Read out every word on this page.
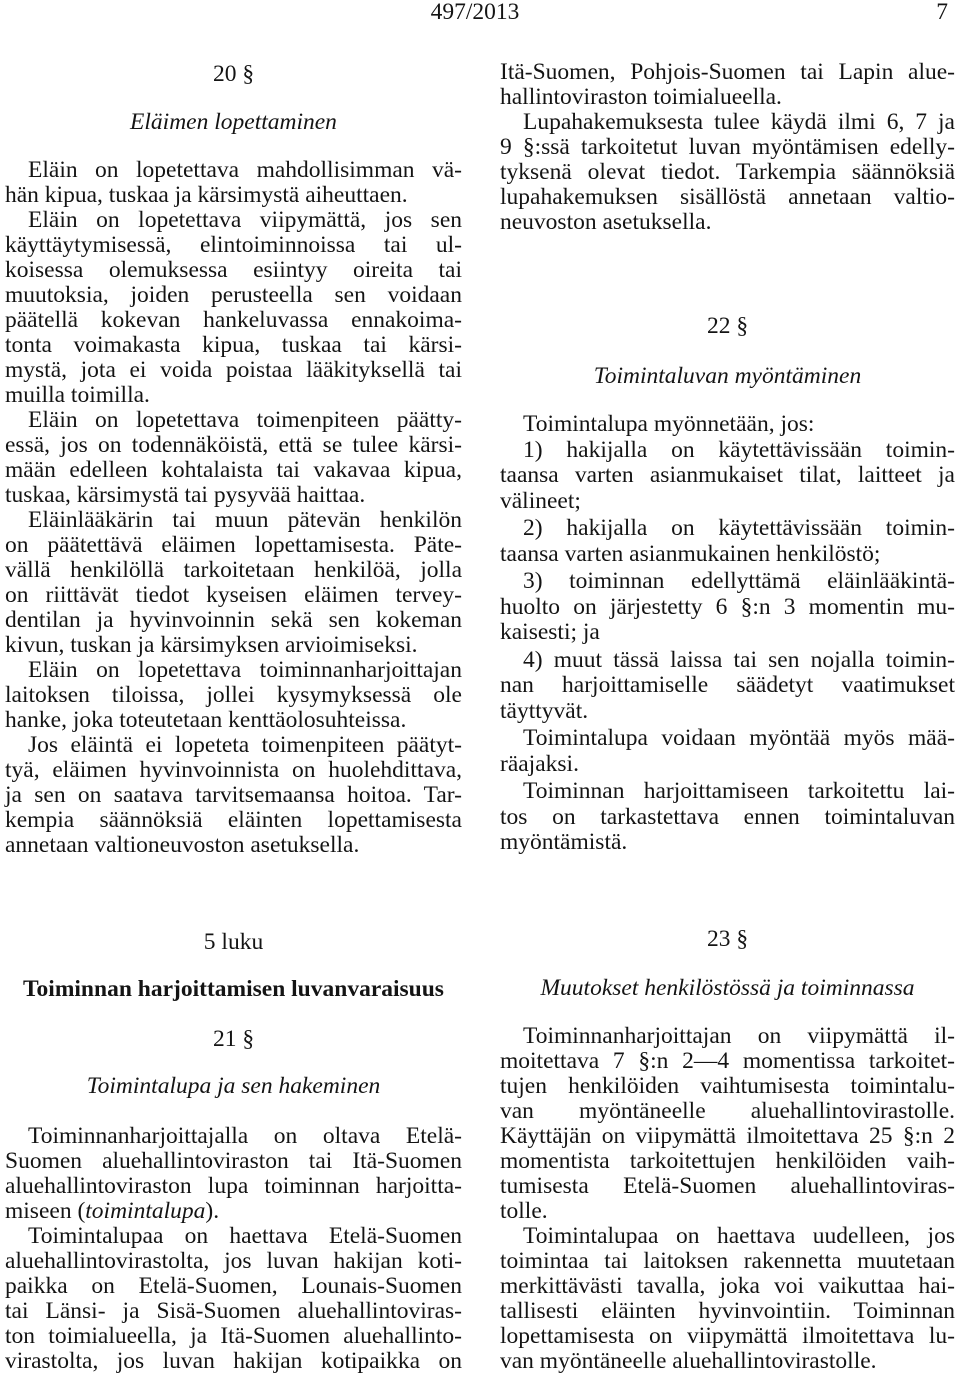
497/2013	7
20 §
Eläimen lopettaminen
Eläin on lopetettava mahdollisimman vä-
hän kipua, tuskaa ja kärsimystä aiheuttaen.
Eläin on lopetettava viipymättä, jos sen
käyttäytymisessä, elintoiminnoissa tai ul-
koisessa olemuksessa esiintyy oireita tai
muutoksia, joiden perusteella sen voidaan
päätellä kokevan hankeluvassa ennakoima-
tonta voimakasta kipua, tuskaa tai kärsi-
mystä, jota ei voida poistaa lääkityksellä tai
muilla toimilla.
Eläin on lopetettava toimenpiteen päätty-
essä, jos on todennäköistä, että se tulee kärsi-
mään edelleen kohtalaista tai vakavaa kipua,
tuskaa, kärsimystä tai pysyvää haittaa.
Eläinlääkärin tai muun pätevän henkilön
on päätettävä eläimen lopettamisesta. Päte-
vällä henkilöllä tarkoitetaan henkilöä, jolla
on riittävät tiedot kyseisen eläimen tervey-
dentilan ja hyvinvoinnin sekä sen kokeman
kivun, tuskan ja kärsimyksen arvioimiseksi.
Eläin on lopetettava toiminnanharjoittajan
laitoksen tiloissa, jollei kysymyksessä ole
hanke, joka toteutetaan kenttäolosuhteissa.
Jos eläintä ei lopeteta toimenpiteen päätyt-
tyä, eläimen hyvinvoinnista on huolehdittava,
ja sen on saatava tarvitsemaansa hoitoa. Tar-
kempia säännöksiä eläinten lopettamisesta
annetaan valtioneuvoston asetuksella.
5 luku
Toiminnan harjoittamisen luvanvaraisuus
21 §
Toimintalupa ja sen hakeminen
Toiminnanharjoittajalla on oltava Etelä-
Suomen aluehallintoviraston tai Itä-Suomen
aluehallintoviraston lupa toiminnan harjoitta-
miseen (toimintalupa).
Toimintalupaa on haettava Etelä-Suomen
aluehallintovirastolta, jos luvan hakijan koti-
paikka on Etelä-Suomen, Lounais-Suomen
tai Länsi- ja Sisä-Suomen aluehallintoviras-
ton toimialueella, ja Itä-Suomen aluehallinto-
virastolta, jos luvan hakijan kotipaikka on
Itä-Suomen, Pohjois-Suomen tai Lapin alue-
hallintoviraston toimialueella.
Lupahakemuksesta tulee käydä ilmi 6, 7 ja
9 §:ssä tarkoitetut luvan myöntämisen edelly-
tyksenä olevat tiedot. Tarkempia säännöksiä
lupahakemuksen sisällöstä annetaan valtio-
neuvoston asetuksella.
22 §
Toimintaluvan myöntäminen
Toimintalupa myönnetään, jos:
1) hakijalla on käytettävissään toimin-
taansa varten asianmukaiset tilat, laitteet ja
välineet;
2) hakijalla on käytettävissään toimin-
taansa varten asianmukainen henkilöstö;
3) toiminnan edellyttämä eläinlääkintä-
huolto on järjestetty 6 §:n 3 momentin mu-
kaisesti; ja
4) muut tässä laissa tai sen nojalla toimin-
nan harjoittamiselle säädetyt vaatimukset
täyttyvät.
Toimintalupa voidaan myöntää myös mää-
räajaksi.
Toiminnan harjoittamiseen tarkoitettu lai-
tos on tarkastettava ennen toimintaluvan
myöntämistä.
23 §
Muutokset henkilöstössä ja toiminnassa
Toiminnanharjoittajan on viipymättä il-
moitettava 7 §:n 2—4 momentissa tarkoitet-
tujen henkilöiden vaihtumisesta toimintalu-
van myöntäneelle aluehallintovirastolle.
Käyttäjän on viipymättä ilmoitettava 25 §:n 2
momentista tarkoitettujen henkilöiden vaih-
tumisesta Etelä-Suomen aluehallintoviras-
tolle.
Toimintalupaa on haettava uudelleen, jos
toimintaa tai laitoksen rakennetta muutetaan
merkittävästi tavalla, joka voi vaikuttaa hai-
tallisesti eläinten hyvinvointiin. Toiminnan
lopettamisesta on viipymättä ilmoitettava lu-
van myöntäneelle aluehallintovirastolle.
